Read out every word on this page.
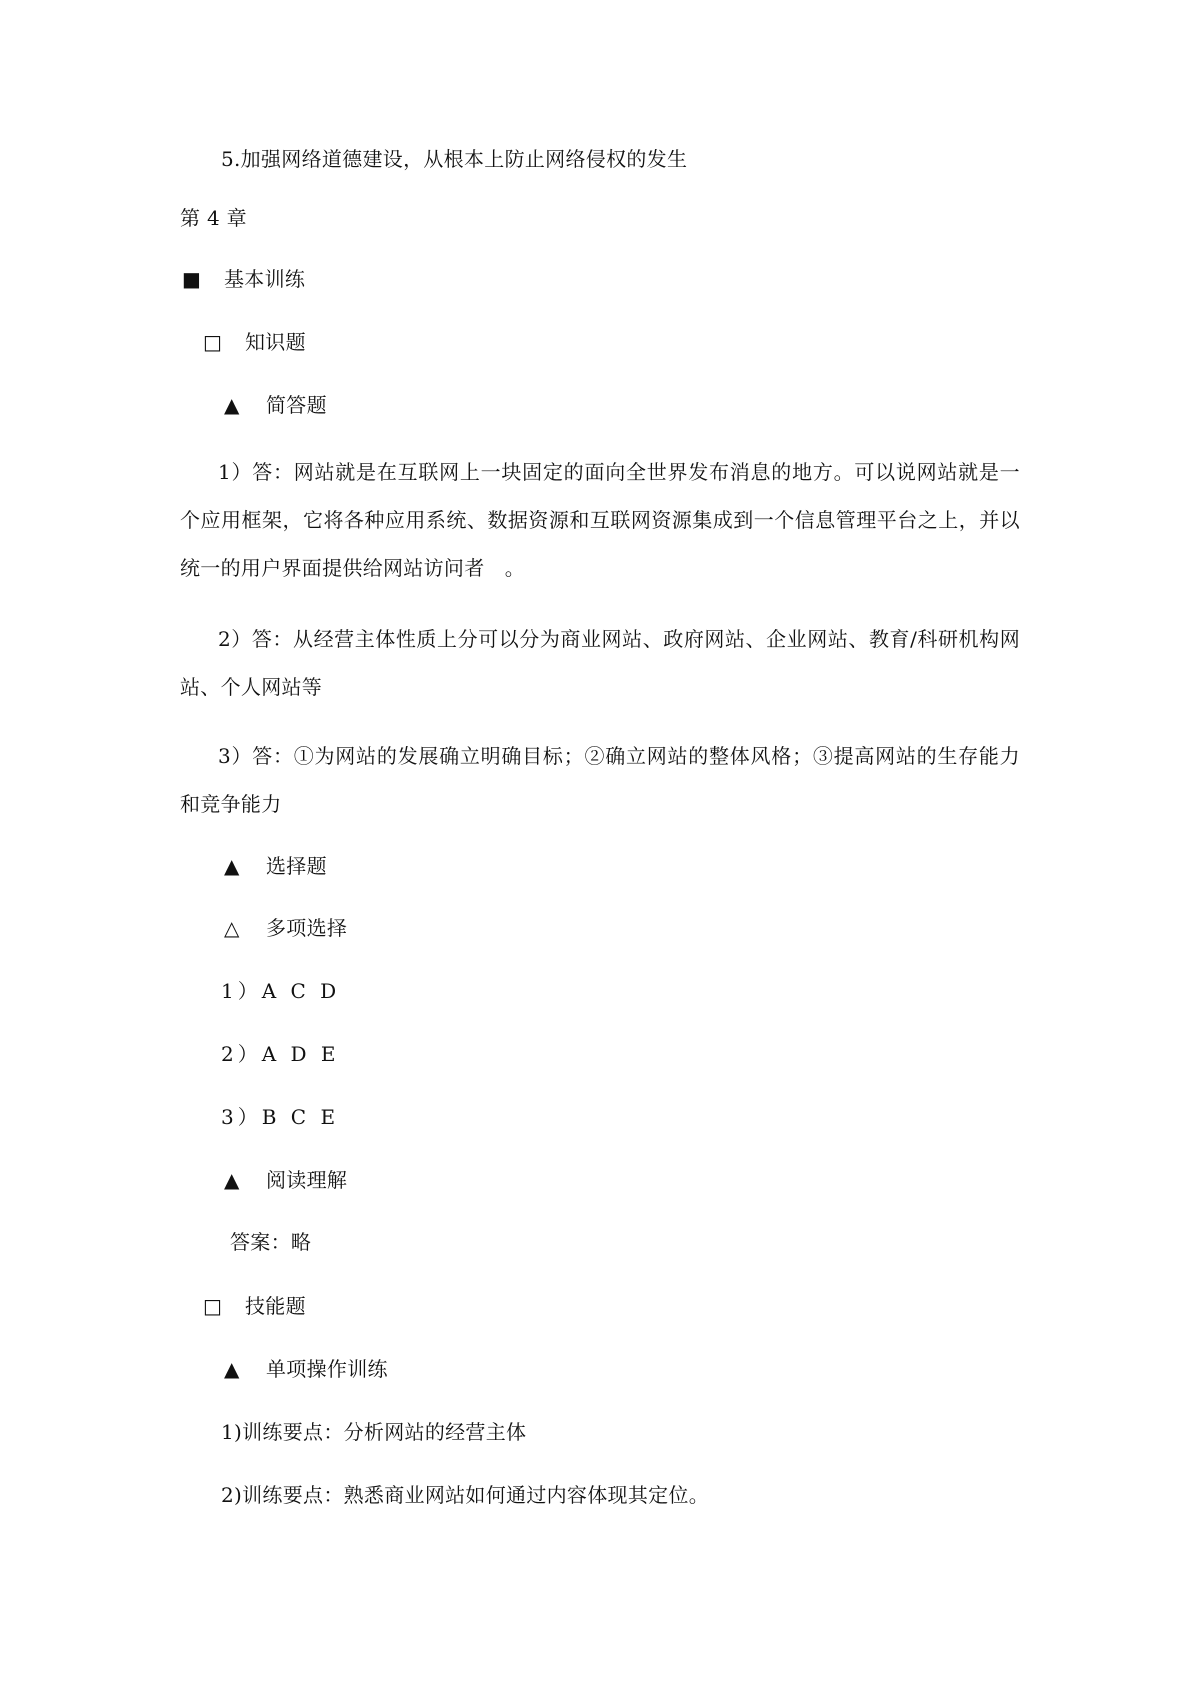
5.加强网络道德建设，从根本上防止网络侵权的发生
第 4 章
■ 基本训练
□ 知识题
▲ 简答题
1）答：网站就是在互联网上一块固定的面向全世界发布消息的地方。可以说网站就是一个应用框架，它将各种应用系统、数据资源和互联网资源集成到一个信息管理平台之上，并以统一的用户界面提供给网站访问者　。
2）答：从经营主体性质上分可以分为商业网站、政府网站、企业网站、教育/科研机构网站、个人网站等
3）答：①为网站的发展确立明确目标；②确立网站的整体风格；③提高网站的生存能力和竞争能力
▲ 选择题
△ 多项选择
1）A C D
2）A D E
3）B C E
▲ 阅读理解
答案：略
□ 技能题
▲ 单项操作训练
1)训练要点：分析网站的经营主体
2)训练要点：熟悉商业网站如何通过内容体现其定位。
